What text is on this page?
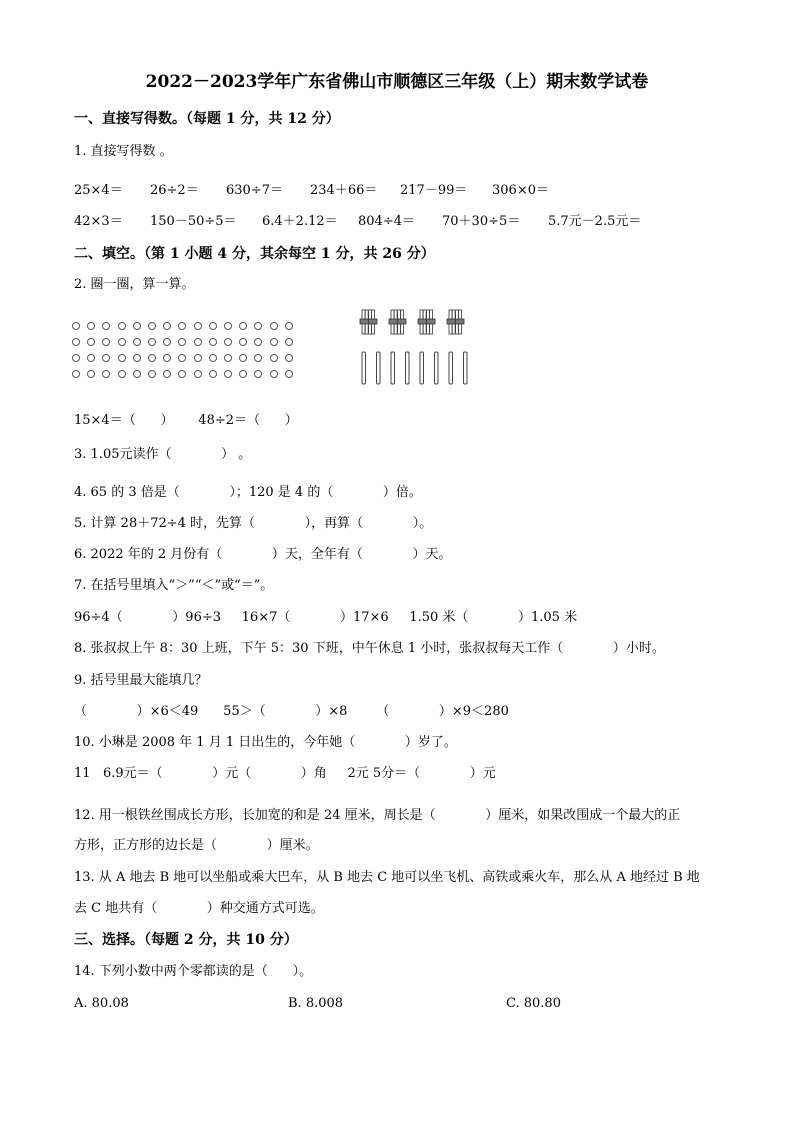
2022－2023学年广东省佛山市顺德区三年级（上）期末数学试卷
一、直接写得数。（每题 1 分，共 12 分）
1. 直接写得数 。
25×4＝ 26÷2＝ 630÷7＝ 234＋66＝ 217－99＝ 306×0＝
42×3＝ 150－50÷5＝ 6.4＋2.12＝ 804÷4＝ 70＋30÷5＝ 5.7元－2.5元＝
二、填空。（第 1 小题 4 分，其余每空 1 分，共 26 分）
2. 圈一圈，算一算。
15×4＝（      ）      48÷2＝（      ）
3. 1.05元读作（            ） 。
4. 65 的 3 倍是（            ）；120 是 4 的（            ）倍。
5. 计算 28＋72÷4 时，先算（            ），再算（            ）。
6. 2022 年的 2 月份有（            ）天，全年有（            ）天。
7. 在括号里填入“＞”“＜”或“＝”。
96÷4（            ）96÷3     16×7（            ）17×6     1.50 米（            ）1.05 米
8. 张叔叔上午 8：30 上班，下午 5：30 下班，中午休息 1 小时，张叔叔每天工作（            ）小时。
9. 括号里最大能填几？
（            ）×6＜49      55＞（            ）×8       （            ）×9＜280
10. 小琳是 2008 年 1 月 1 日出生的，今年她（            ）岁了。
11   6.9元＝（            ）元（            ）角     2元 5分＝（            ）元
12. 用一根铁丝围成长方形，长加宽的和是 24 厘米，周长是（            ）厘米，如果改围成一个最大的正
方形，正方形的边长是（            ）厘米。
13. 从 A 地去 B 地可以坐船或乘大巴车，从 B 地去 C 地可以坐飞机、高铁或乘火车，那么从 A 地经过 B 地
去 C 地共有（            ）种交通方式可选。
三、选择。（每题 2 分，共 10 分）
14. 下列小数中两个零都读的是（      ）。
A. 80.08	B. 8.008	C. 80.80
